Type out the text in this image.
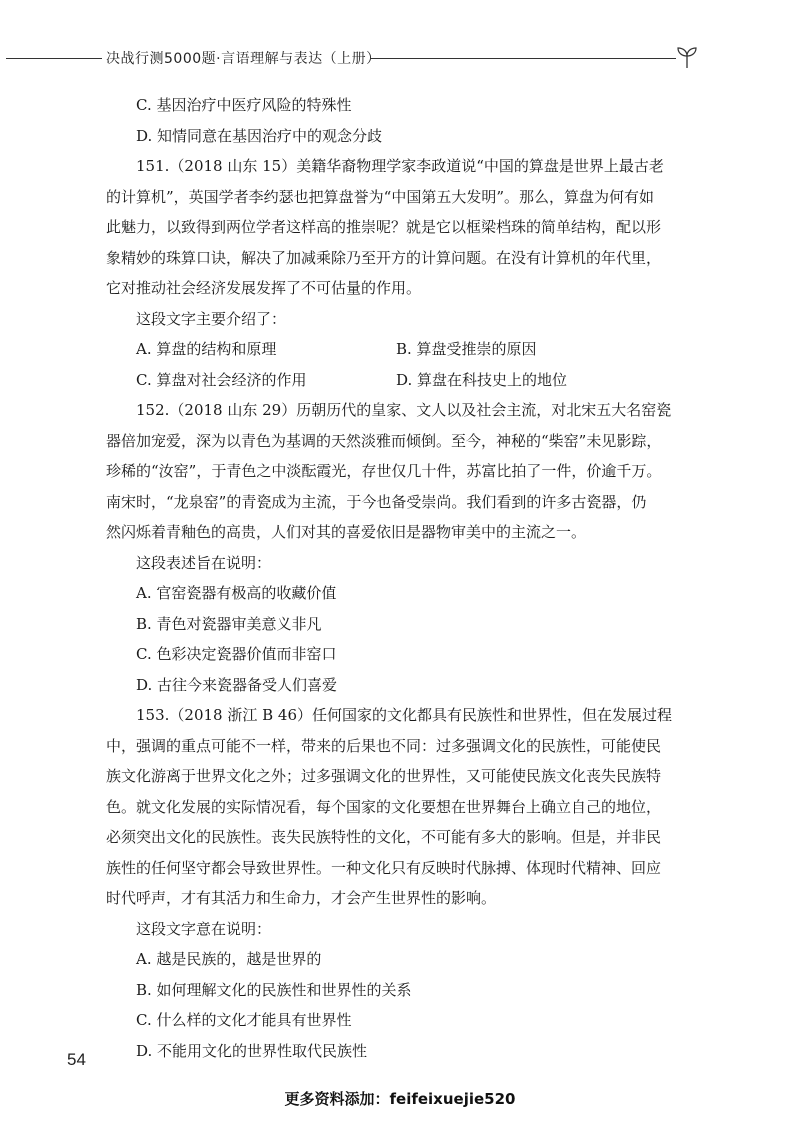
决战行测5000题·言语理解与表达（上册）
C. 基因治疗中医疗风险的特殊性
D. 知情同意在基因治疗中的观念分歧
151.（2018 山东 15）美籍华裔物理学家李政道说“中国的算盘是世界上最古老
的计算机”，英国学者李约瑟也把算盘誉为“中国第五大发明”。那么，算盘为何有如
此魅力，以致得到两位学者这样高的推崇呢？就是它以框梁档珠的简单结构，配以形
象精妙的珠算口诀，解决了加减乘除乃至开方的计算问题。在没有计算机的年代里，
它对推动社会经济发展发挥了不可估量的作用。
这段文字主要介绍了：
A. 算盘的结构和原理	B. 算盘受推崇的原因
C. 算盘对社会经济的作用	D. 算盘在科技史上的地位
152.（2018 山东 29）历朝历代的皇家、文人以及社会主流，对北宋五大名窑瓷
器倍加宠爱，深为以青色为基调的天然淡雅而倾倒。至今，神秘的“柴窑”未见影踪，
珍稀的“汝窑”，于青色之中淡酝霞光，存世仅几十件，苏富比拍了一件，价逾千万。
南宋时，“龙泉窑”的青瓷成为主流，于今也备受崇尚。我们看到的许多古瓷器，仍
然闪烁着青釉色的高贵，人们对其的喜爱依旧是器物审美中的主流之一。
这段表述旨在说明：
A. 官窑瓷器有极高的收藏价值
B. 青色对瓷器审美意义非凡
C. 色彩决定瓷器价值而非窑口
D. 古往今来瓷器备受人们喜爱
153.（2018 浙江 B 46）任何国家的文化都具有民族性和世界性，但在发展过程
中，强调的重点可能不一样，带来的后果也不同：过多强调文化的民族性，可能使民
族文化游离于世界文化之外；过多强调文化的世界性，又可能使民族文化丧失民族特
色。就文化发展的实际情况看，每个国家的文化要想在世界舞台上确立自己的地位，
必须突出文化的民族性。丧失民族特性的文化，不可能有多大的影响。但是，并非民
族性的任何坚守都会导致世界性。一种文化只有反映时代脉搏、体现时代精神、回应
时代呼声，才有其活力和生命力，才会产生世界性的影响。
这段文字意在说明：
A. 越是民族的，越是世界的
B. 如何理解文化的民族性和世界性的关系
C. 什么样的文化才能具有世界性
D. 不能用文化的世界性取代民族性
54
更多资料添加：feifeixuejie520
